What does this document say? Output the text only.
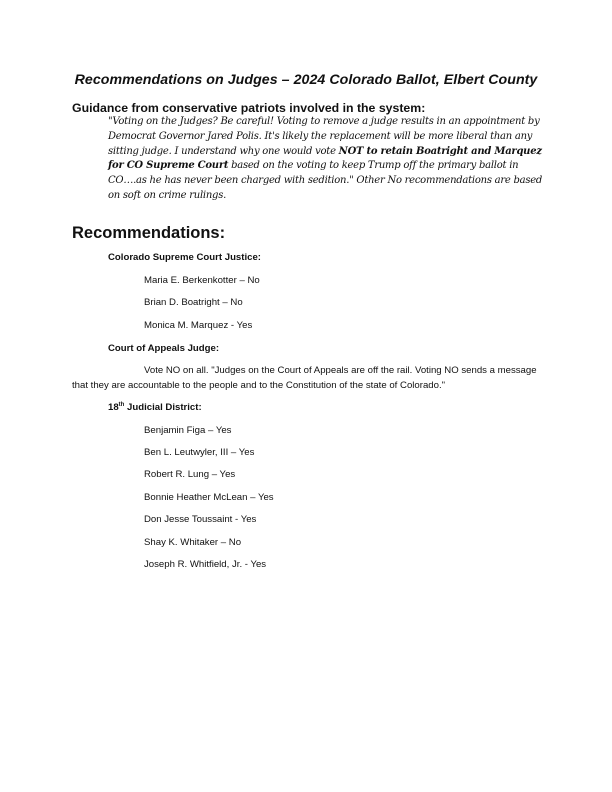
Recommendations on Judges – 2024 Colorado Ballot, Elbert County
Guidance from conservative patriots involved in the system:

"Voting on the Judges? Be careful! Voting to remove a judge results in an appointment by Democrat Governor Jared Polis. It's likely the replacement will be more liberal than any sitting judge. I understand why one would vote NOT to retain Boatright and Marquez for CO Supreme Court based on the voting to keep Trump off the primary ballot in CO….as he has never been charged with sedition." Other No recommendations are based on soft on crime rulings.

Recommendations:
Colorado Supreme Court Justice:
Maria E. Berkenkotter – No
Brian D. Boatright – No
Monica M. Marquez - Yes
Court of Appeals Judge:

Vote NO on all. "Judges on the Court of Appeals are off the rail. Voting NO sends a message that they are accountable to the people and to the Constitution of the state of Colorado."

18th Judicial District:
Benjamin Figa – Yes
Ben L. Leutwyler, III – Yes
Robert R. Lung – Yes
Bonnie Heather McLean – Yes
Don Jesse Toussaint - Yes
Shay K. Whitaker – No
Joseph R. Whitfield, Jr. - Yes
